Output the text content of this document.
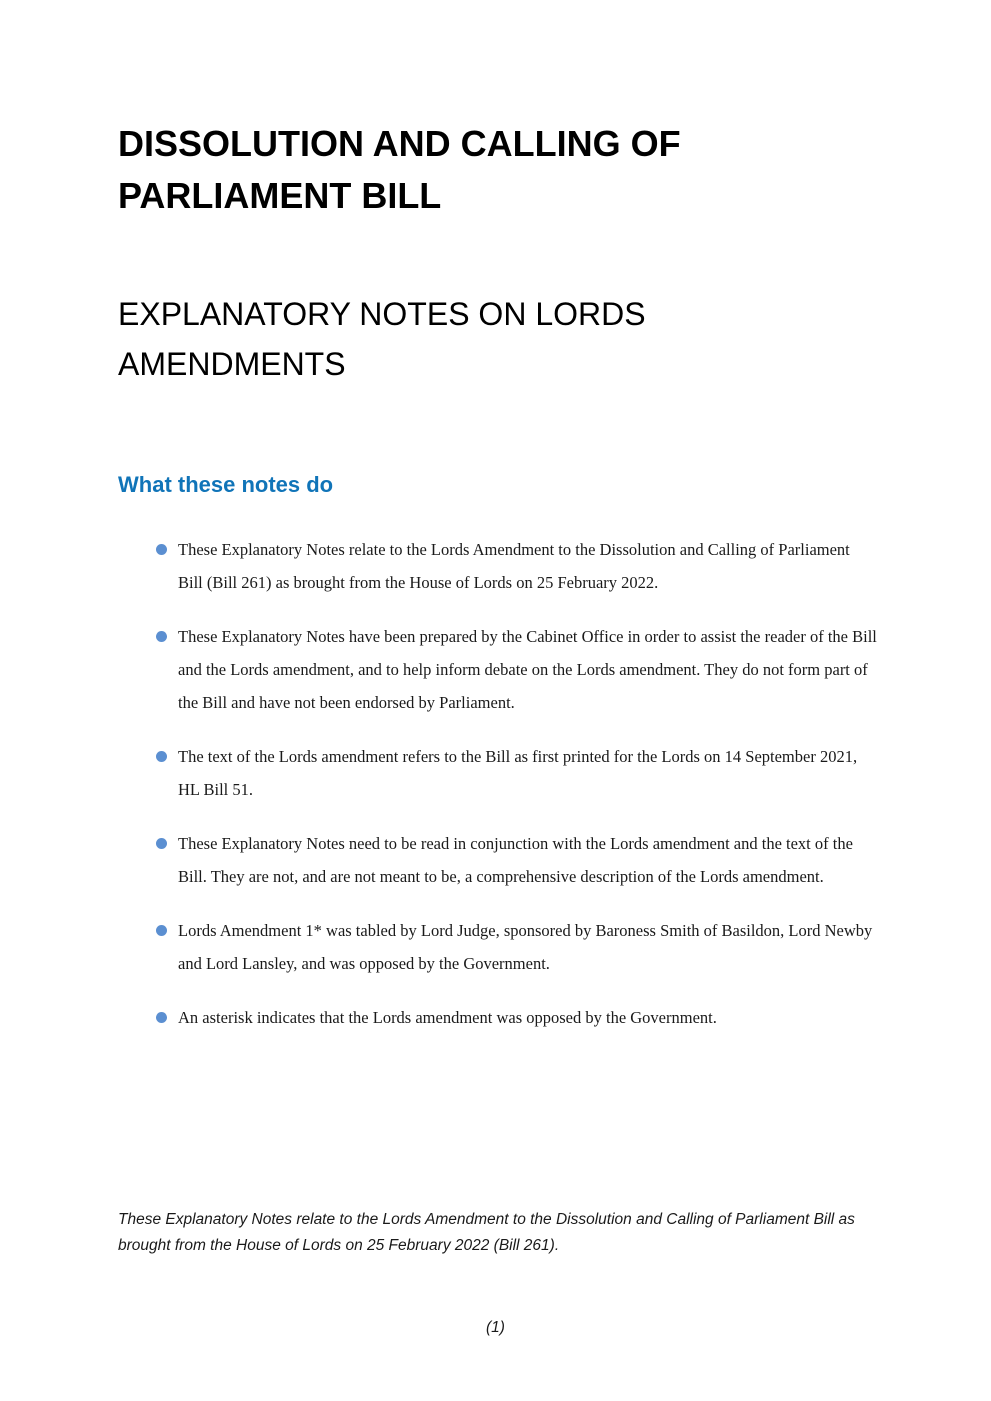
DISSOLUTION AND CALLING OF
PARLIAMENT BILL
EXPLANATORY NOTES ON LORDS
AMENDMENTS
What these notes do
These Explanatory Notes relate to the Lords Amendment to the Dissolution and Calling of Parliament Bill (Bill 261) as brought from the House of Lords on 25 February 2022.
These Explanatory Notes have been prepared by the Cabinet Office in order to assist the reader of the Bill and the Lords amendment, and to help inform debate on the Lords amendment. They do not form part of the Bill and have not been endorsed by Parliament.
The text of the Lords amendment refers to the Bill as first printed for the Lords on 14 September 2021, HL Bill 51.
These Explanatory Notes need to be read in conjunction with the Lords amendment and the text of the Bill. They are not, and are not meant to be, a comprehensive description of the Lords amendment.
Lords Amendment 1* was tabled by Lord Judge, sponsored by Baroness Smith of Basildon, Lord Newby and Lord Lansley, and was opposed by the Government.
An asterisk indicates that the Lords amendment was opposed by the Government.
These Explanatory Notes relate to the Lords Amendment to the Dissolution and Calling of Parliament Bill as brought from the House of Lords on 25 February 2022 (Bill 261).
(1)
